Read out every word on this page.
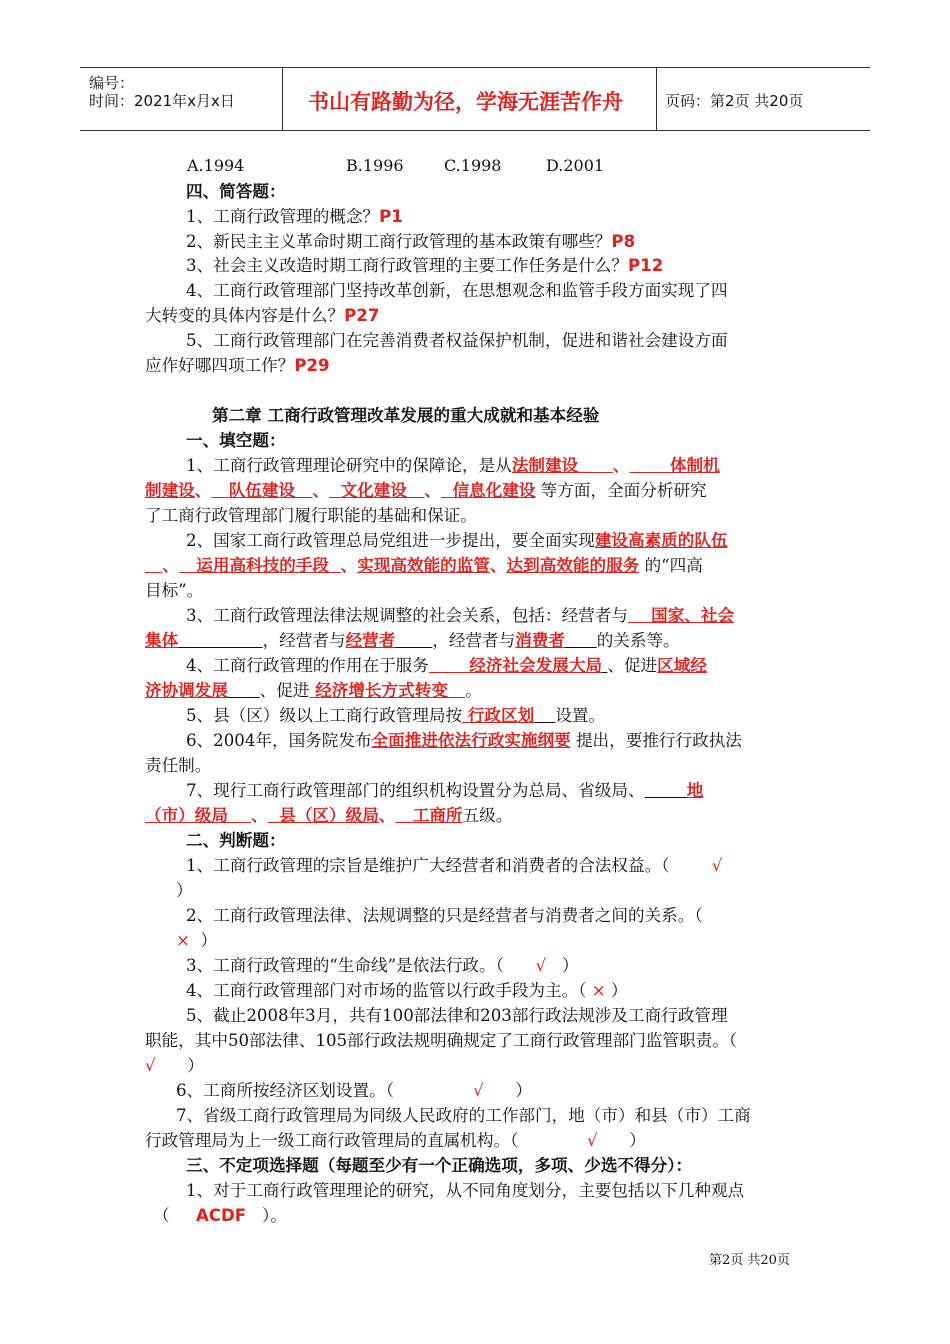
编号：
时间：2021年x月x日	书山有路勤为径，学海无涯苦作舟	页码：第2页 共20页
A.1994	B.1996	C.1998	D.2001
四、简答题：
1、工商行政管理的概念？P1
2、新民主主义革命时期工商行政管理的基本政策有哪些？P8
3、社会主义改造时期工商行政管理的主要工作任务是什么？P12
4、工商行政管理部门坚持改革创新，在思想观念和监管手段方面实现了四
大转变的具体内容是什么？P27
5、工商行政管理部门在完善消费者权益保护机制，促进和谐社会建设方面
应作好哪四项工作？P29
第二章 工商行政管理改革发展的重大成就和基本经验
一、填空题：
1、工商行政管理理论研究中的保障论，是从法制建设 、 体制机
制建设、 队伍建设 、 文化建设 、 信息化建设 等方面，全面分析研究
了工商行政管理部门履行职能的基础和保证。
2、国家工商行政管理总局党组进一步提出，要全面实现建设高素质的队伍
、 运用高科技的手段 、实现高效能的监管、达到高效能的服务 的“四高
目标”。
3、工商行政管理法律法规调整的社会关系，包括：经营者与 国家、社会
集体	，经营者与经营者 ，经营者与消费者 的关系等。
4、工商行政管理的作用在于服务 经济社会发展大局 、促进区域经
济协调发展 、促进 经济增长方式转变 。
5、县（区）级以上工商行政管理局按 行政区划 设置。
6、2004年，国务院发布全面推进依法行政实施纲要 提出，要推行行政执法
责任制。
7、现行工商行政管理部门的组织机构设置分为总局、省级局、	地
（市）级局 、 县（区）级局、 工商所五级。
二、判断题：
1、工商行政管理的宗旨是维护广大经营者和消费者的合法权益。（	√
）
2、工商行政管理法律、法规调整的只是经营者与消费者之间的关系。（
× ）
3、工商行政管理的“生命线”是依法行政。（ √ ）
4、工商行政管理部门对市场的监管以行政手段为主。（ × ）
5、截止2008年3月，共有100部法律和203部行政法规涉及工商行政管理
职能，其中50部法律、105部行政法规明确规定了工商行政管理部门监管职责。（
√ ）
6、工商所按经济区划设置。（	√ ）
7、省级工商行政管理局为同级人民政府的工作部门，地（市）和县（市）工商
行政管理局为上一级工商行政管理局的直属机构。（	√ ）
三、不定项选择题（每题至少有一个正确选项，多项、少选不得分）：
1、对于工商行政管理理论的研究，从不同角度划分，主要包括以下几种观点
（ ACDF ）。
第2页 共20页
